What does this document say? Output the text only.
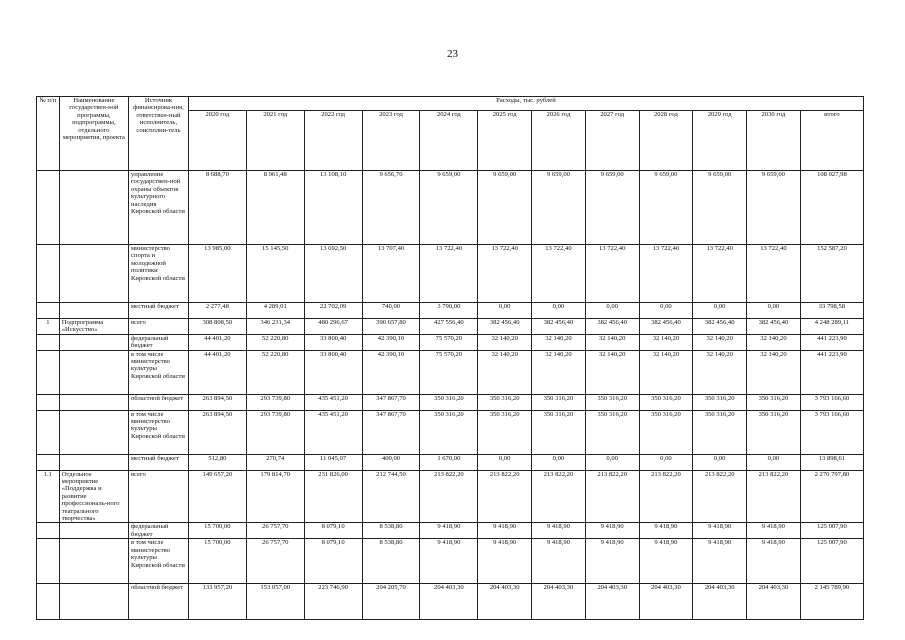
23
№ п/п	Наименование государствен-ной программы, подпрограммы, отдельного мероприятия, проекта	Источник финансирова-ния, ответствен-ный исполнитель, соисполни-тель	Расходы, тыс. рублей											
			2020 год	2021 год	2022 год	2023 год	2024 год	2025 год	2026 год	2027 год	2028 год	2029 год	2030 год	итого
		управление государствен-ной охраны объектов культурного наследия Кировской области	8 688,70	8 961,48	13 108,10	9 656,70	9 659,00	9 659,00	9 659,00	9 659,00	9 659,00	9 659,00	9 659,00	108 027,98
		министерство спорта и молодежной политики Кировской области	13 985,00	15 145,50	13 692,50	13 707,40	13 722,40	13 722,40	13 722,40	13 722,40	13 722,40	13 722,40	13 722,40	152 587,20
		местный бюджет	2 277,48	4 289,01	22 702,09	740,00	3 790,00	0,00	0,00	0,00	0,00	0,00	0,00	33 798,58
1	Подпрограмма «Искусство»	всего	308 808,50	346 231,34	480 296,67	390 657,80	427 556,40	382 456,40	382 456,40	382 456,40	382 456,40	382 456,40	382 456,40	4 248 289,11
		федеральный бюджет	44 401,20	52 220,80	33 800,40	42 390,10	75 570,20	32 140,20	32 140,20	32 140,20	32 140,20	32 140,20	32 140,20	441 223,90
		в том числе министерство культуры Кировской области	44 401,20	52 220,80	33 800,40	42 390,10	75 570,20	32 140,20	32 140,20	32 140,20	32 140,20	32 140,20	32 140,20	441 223,90
		областной бюджет	263 894,50	293 739,80	435 451,20	347 867,70	350 316,20	350 316,20	350 316,20	350 316,20	350 316,20	350 316,20	350 316,20	3 793 166,60
		в том числе министерство культуры Кировской области	263 894,50	293 739,80	435 451,20	347 867,70	350 316,20	350 316,20	350 316,20	350 316,20	350 316,20	350 316,20	350 316,20	3 793 166,60
		местный бюджет	512,80	270,74	11 045,07	400,00	1 670,00	0,00	0,00	0,00	0,00	0,00	0,00	13 898,61
1.1	Отдельное мероприятие «Поддержка и развитие профессиональ-ного театрального творчества»	всего	149 657,20	179 814,70	231 826,00	212 744,50	213 822,20	213 822,20	213 822,20	213 822,20	213 822,20	213 822,20	213 822,20	2 270 797,80
		федеральный бюджет	15 700,00	26 757,70	8 079,10	8 538,80	9 418,90	9 418,90	9 418,90	9 418,90	9 418,90	9 418,90	9 418,90	125 007,90
		в том числе министерство культуры Кировской области	15 700,00	26 757,70	8 079,10	8 538,80	9 418,90	9 418,90	9 418,90	9 418,90	9 418,90	9 418,90	9 418,90	125 007,90
		областной бюджет	133 957,20	153 057,00	223 746,90	204 205,70	204 403,30	204 403,30	204 403,30	204 403,30	204 403,30	204 403,30	204 403,30	2 145 789,90
